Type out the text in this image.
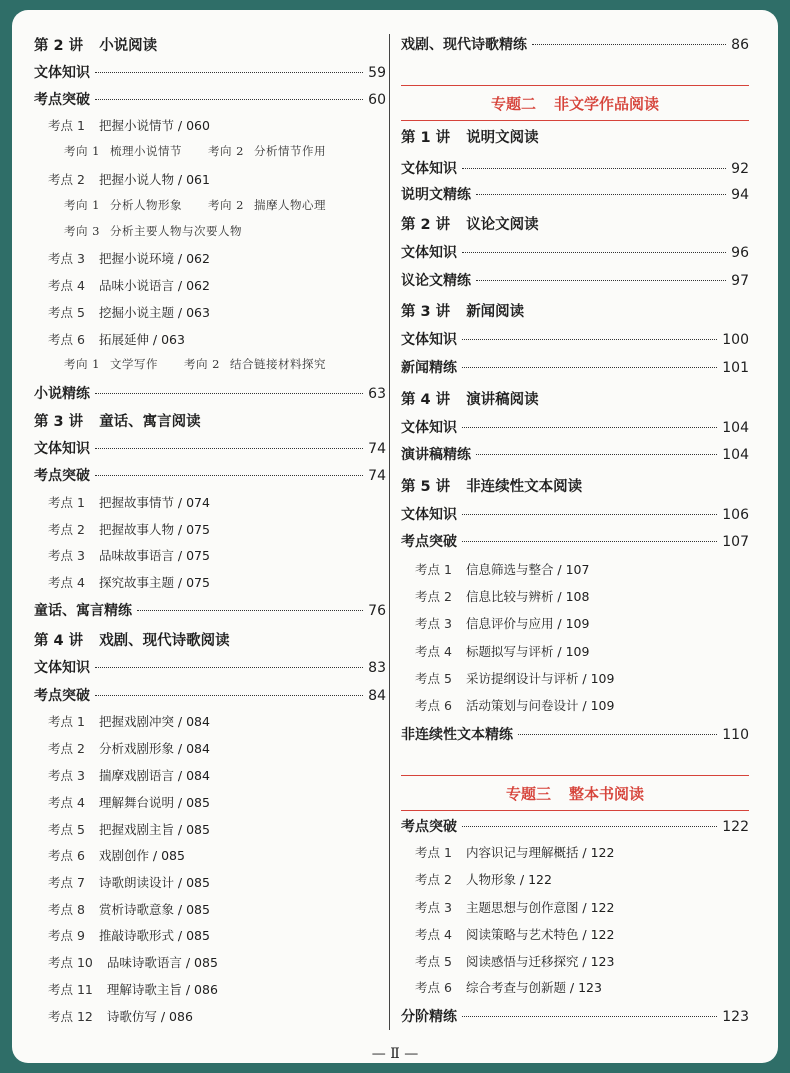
第 2 讲 小说阅读
文体知识	59
考点突破	60
考点 1 把握小说情节 / 060
考向 1 梳理小说情节 考向 2 分析情节作用
考点 2 把握小说人物 / 061
考向 1 分析人物形象 考向 2 揣摩人物心理
考向 3 分析主要人物与次要人物
考点 3 把握小说环境 / 062
考点 4 品味小说语言 / 062
考点 5 挖掘小说主题 / 063
考点 6 拓展延伸 / 063
考向 1 文学写作 考向 2 结合链接材料探究
小说精练	63
第 3 讲 童话、寓言阅读
文体知识	74
考点突破	74
考点 1 把握故事情节 / 074
考点 2 把握故事人物 / 075
考点 3 品味故事语言 / 075
考点 4 探究故事主题 / 075
童话、寓言精练	76
第 4 讲 戏剧、现代诗歌阅读
文体知识	83
考点突破	84
考点 1 把握戏剧冲突 / 084
考点 2 分析戏剧形象 / 084
考点 3 揣摩戏剧语言 / 084
考点 4 理解舞台说明 / 085
考点 5 把握戏剧主旨 / 085
考点 6 戏剧创作 / 085
考点 7 诗歌朗读设计 / 085
考点 8 赏析诗歌意象 / 085
考点 9 推敲诗歌形式 / 085
考点 10 品味诗歌语言 / 085
考点 11 理解诗歌主旨 / 086
考点 12 诗歌仿写 / 086
戏剧、现代诗歌精练	86
专题二 非文学作品阅读
第 1 讲 说明文阅读
文体知识	92
说明文精练	94
第 2 讲 议论文阅读
文体知识	96
议论文精练	97
第 3 讲 新闻阅读
文体知识	100
新闻精练	101
第 4 讲 演讲稿阅读
文体知识	104
演讲稿精练	104
第 5 讲 非连续性文本阅读
文体知识	106
考点突破	107
考点 1 信息筛选与整合 / 107
考点 2 信息比较与辨析 / 108
考点 3 信息评价与应用 / 109
考点 4 标题拟写与评析 / 109
考点 5 采访提纲设计与评析 / 109
考点 6 活动策划与问卷设计 / 109
非连续性文本精练	110
专题三 整本书阅读
考点突破	122
考点 1 内容识记与理解概括 / 122
考点 2 人物形象 / 122
考点 3 主题思想与创作意图 / 122
考点 4 阅读策略与艺术特色 / 122
考点 5 阅读感悟与迁移探究 / 123
考点 6 综合考查与创新题 / 123
分阶精练	123
— Ⅱ —
